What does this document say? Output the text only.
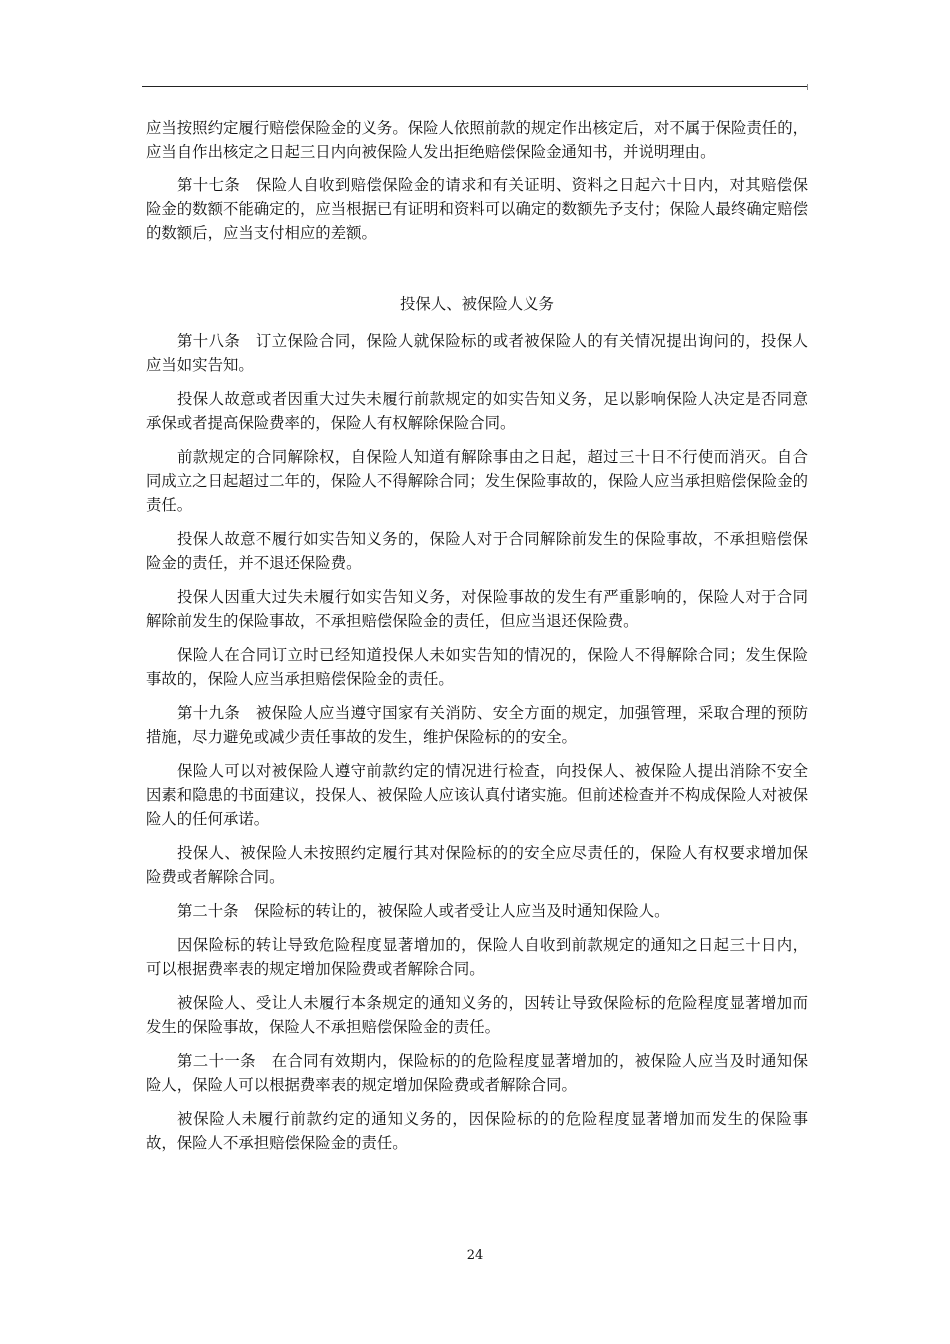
应当按照约定履行赔偿保险金的义务。保险人依照前款的规定作出核定后，对不属于保险责任的，应当自作出核定之日起三日内向被保险人发出拒绝赔偿保险金通知书，并说明理由。

第十七条　保险人自收到赔偿保险金的请求和有关证明、资料之日起六十日内，对其赔偿保险金的数额不能确定的，应当根据已有证明和资料可以确定的数额先予支付；保险人最终确定赔偿的数额后，应当支付相应的差额。

投保人、被保险人义务

第十八条　订立保险合同，保险人就保险标的或者被保险人的有关情况提出询问的，投保人应当如实告知。

投保人故意或者因重大过失未履行前款规定的如实告知义务，足以影响保险人决定是否同意承保或者提高保险费率的，保险人有权解除保险合同。

前款规定的合同解除权，自保险人知道有解除事由之日起，超过三十日不行使而消灭。自合同成立之日起超过二年的，保险人不得解除合同；发生保险事故的，保险人应当承担赔偿保险金的责任。

投保人故意不履行如实告知义务的，保险人对于合同解除前发生的保险事故，不承担赔偿保险金的责任，并不退还保险费。

投保人因重大过失未履行如实告知义务，对保险事故的发生有严重影响的，保险人对于合同解除前发生的保险事故，不承担赔偿保险金的责任，但应当退还保险费。

保险人在合同订立时已经知道投保人未如实告知的情况的，保险人不得解除合同；发生保险事故的，保险人应当承担赔偿保险金的责任。

第十九条　被保险人应当遵守国家有关消防、安全方面的规定，加强管理，采取合理的预防措施，尽力避免或减少责任事故的发生，维护保险标的的安全。

保险人可以对被保险人遵守前款约定的情况进行检查，向投保人、被保险人提出消除不安全因素和隐患的书面建议，投保人、被保险人应该认真付诸实施。但前述检查并不构成保险人对被保险人的任何承诺。

投保人、被保险人未按照约定履行其对保险标的的安全应尽责任的，保险人有权要求增加保险费或者解除合同。

第二十条　保险标的转让的，被保险人或者受让人应当及时通知保险人。

因保险标的转让导致危险程度显著增加的，保险人自收到前款规定的通知之日起三十日内，可以根据费率表的规定增加保险费或者解除合同。

被保险人、受让人未履行本条规定的通知义务的，因转让导致保险标的危险程度显著增加而发生的保险事故，保险人不承担赔偿保险金的责任。

第二十一条　在合同有效期内，保险标的的危险程度显著增加的，被保险人应当及时通知保险人，保险人可以根据费率表的规定增加保险费或者解除合同。

被保险人未履行前款约定的通知义务的，因保险标的的危险程度显著增加而发生的保险事故，保险人不承担赔偿保险金的责任。

24
